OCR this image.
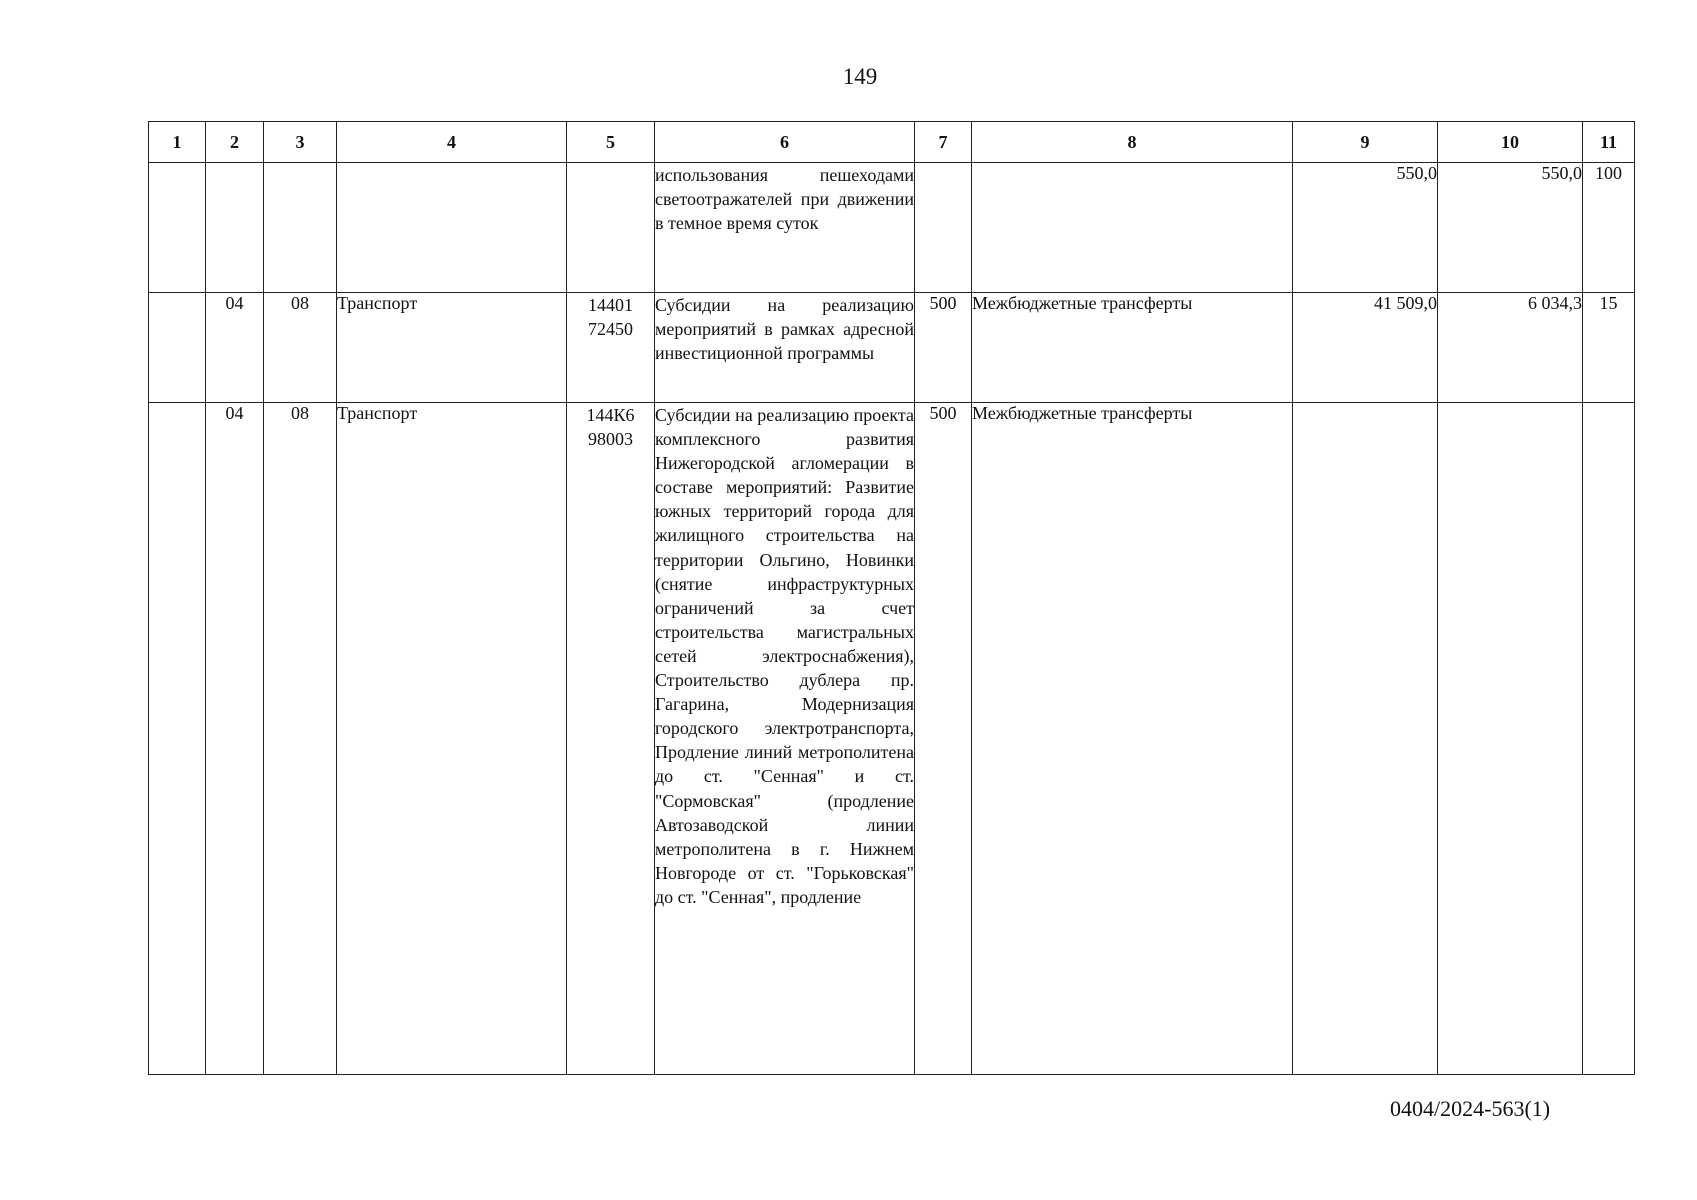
149
1	2	3	4	5	6	7	8	9	10	11
					использования пешеходами светоотражателей при движении в темное время суток			550,0	550,0	100
	04	08	Транспорт	1440172450	Субсидии на реализацию мероприятий в рамках адресной инвестиционной программы	500	Межбюджетные трансферты	41 509,0	6 034,3	15
	04	08	Транспорт	144К698003	Субсидии на реализацию проекта комплексного развития Нижегородской агломерации в составе мероприятий: Развитие южных территорий города для жилищного строительства на территории Ольгино, Новинки (снятие инфраструктурных ограничений за счет строительства магистральных сетей электроснабжения), Строительство дублера пр. Гагарина, Модернизация городского электротранспорта, Продление линий метрополитена до ст. "Сенная" и ст. "Сормовская" (продление Автозаводской линии метрополитена в г. Нижнем Новгороде от ст. "Горьковская" до ст. "Сенная", продление	500	Межбюджетные трансферты			
0404/2024-563(1)
